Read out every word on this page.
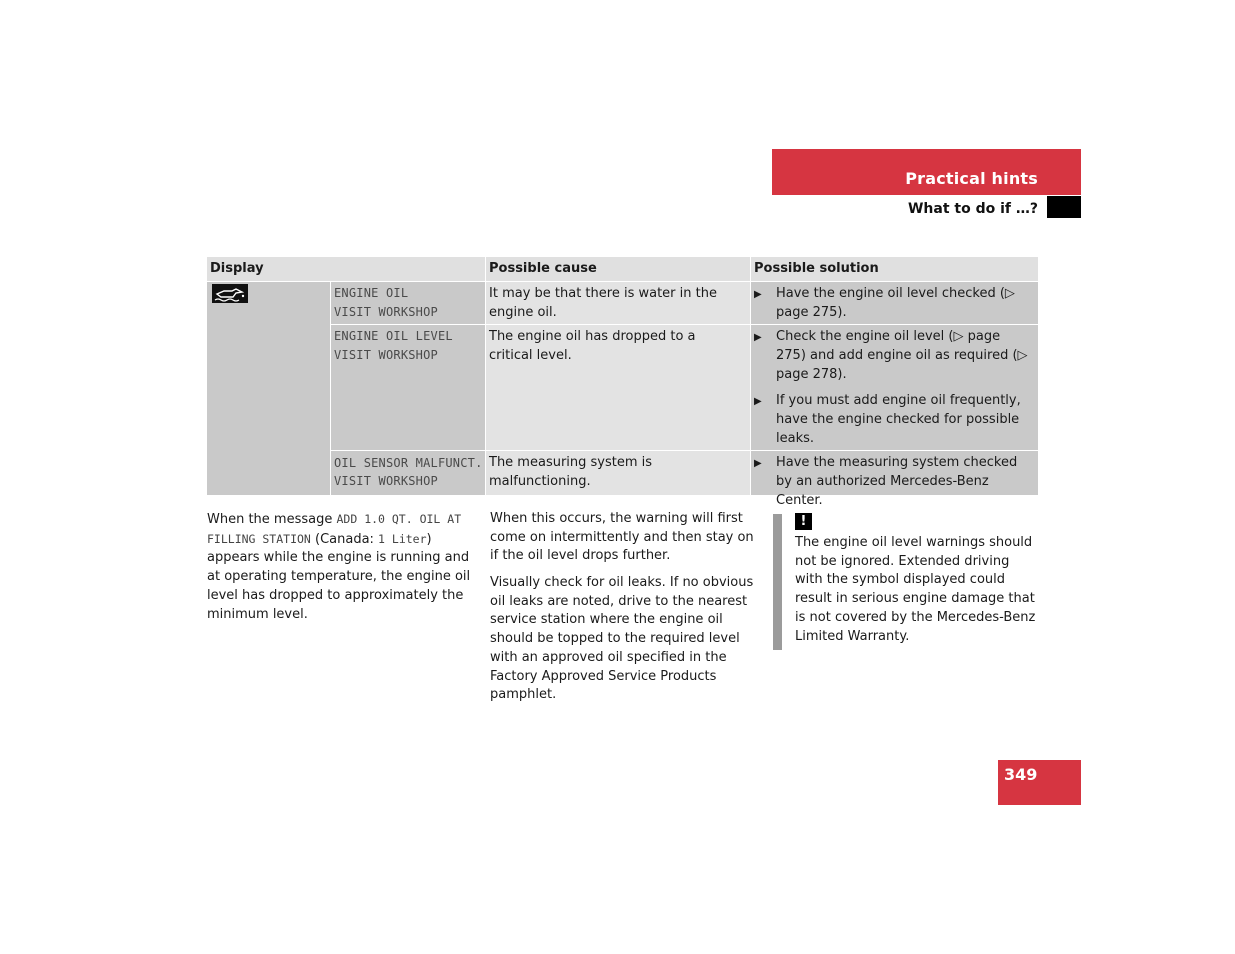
Practical hints
What to do if …?
Display	Possible cause	Possible solution
ENGINE OIL
VISIT WORKSHOP
It may be that there is water in the engine oil.
▶ Have the engine oil level checked (▷ page 275).
ENGINE OIL LEVEL
VISIT WORKSHOP
The engine oil has dropped to a critical level.
▶ Check the engine oil level (▷ page 275) and add engine oil as required (▷ page 278).
▶ If you must add engine oil frequently, have the engine checked for possible leaks.
OIL SENSOR MALFUNCT.
VISIT WORKSHOP
The measuring system is malfunctioning.
▶ Have the measuring system checked by an authorized Mercedes-Benz Center.
When the message ADD 1.0 QT. OIL AT FILLING STATION (Canada: 1 Liter) appears while the engine is running and at operating temperature, the engine oil level has dropped to approximately the minimum level.
When this occurs, the warning will first come on intermittently and then stay on if the oil level drops further.
Visually check for oil leaks. If no obvious oil leaks are noted, drive to the nearest service station where the engine oil should be topped to the required level with an approved oil specified in the Factory Approved Service Products pamphlet.
!
The engine oil level warnings should not be ignored. Extended driving with the symbol displayed could result in serious engine damage that is not covered by the Mercedes-Benz Limited Warranty.
349
